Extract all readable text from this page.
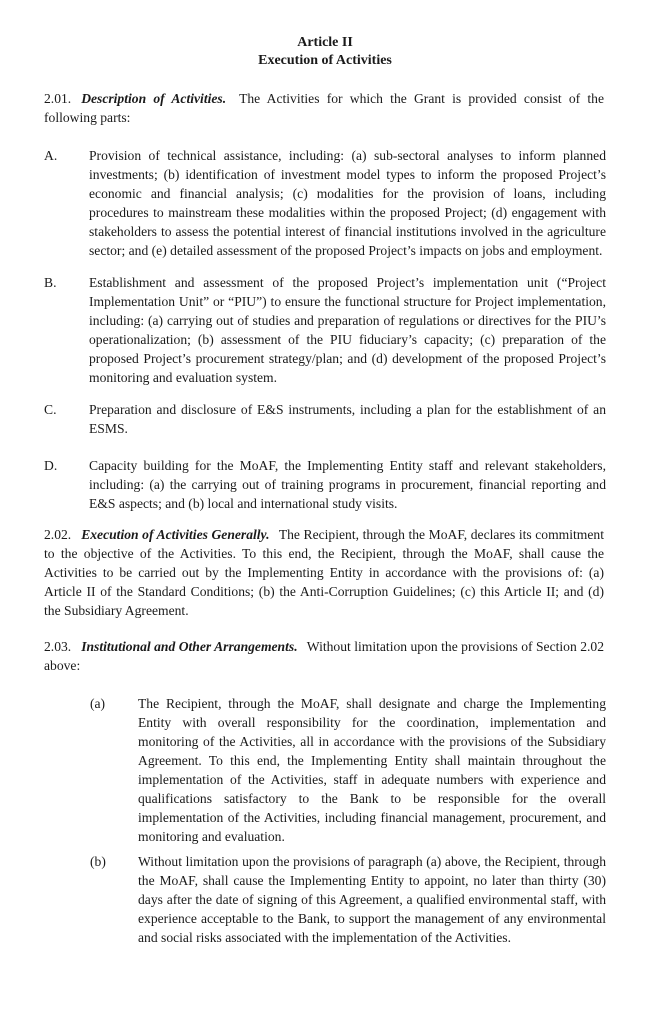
Article II
Execution of Activities
2.01. Description of Activities. The Activities for which the Grant is provided consist of the following parts:
A.	Provision of technical assistance, including: (a) sub-sectoral analyses to inform planned investments; (b) identification of investment model types to inform the proposed Project’s economic and financial analysis; (c) modalities for the provision of loans, including procedures to mainstream these modalities within the proposed Project; (d) engagement with stakeholders to assess the potential interest of financial institutions involved in the agriculture sector; and (e) detailed assessment of the proposed Project’s impacts on jobs and employment.
B.	Establishment and assessment of the proposed Project’s implementation unit (“Project Implementation Unit” or “PIU”) to ensure the functional structure for Project implementation, including: (a) carrying out of studies and preparation of regulations or directives for the PIU’s operationalization; (b) assessment of the PIU fiduciary’s capacity; (c) preparation of the proposed Project’s procurement strategy/plan; and (d) development of the proposed Project’s monitoring and evaluation system.
C.	Preparation and disclosure of E&S instruments, including a plan for the establishment of an ESMS.
D.	Capacity building for the MoAF, the Implementing Entity staff and relevant stakeholders, including: (a) the carrying out of training programs in procurement, financial reporting and E&S aspects; and (b) local and international study visits.
2.02. Execution of Activities Generally. The Recipient, through the MoAF, declares its commitment to the objective of the Activities. To this end, the Recipient, through the MoAF, shall cause the Activities to be carried out by the Implementing Entity in accordance with the provisions of: (a) Article II of the Standard Conditions; (b) the Anti-Corruption Guidelines; (c) this Article II; and (d) the Subsidiary Agreement.
2.03. Institutional and Other Arrangements. Without limitation upon the provisions of Section 2.02 above:
(a)	The Recipient, through the MoAF, shall designate and charge the Implementing Entity with overall responsibility for the coordination, implementation and monitoring of the Activities, all in accordance with the provisions of the Subsidiary Agreement. To this end, the Implementing Entity shall maintain throughout the implementation of the Activities, staff in adequate numbers with experience and qualifications satisfactory to the Bank to be responsible for the overall implementation of the Activities, including financial management, procurement, and monitoring and evaluation.
(b)	Without limitation upon the provisions of paragraph (a) above, the Recipient, through the MoAF, shall cause the Implementing Entity to appoint, no later than thirty (30) days after the date of signing of this Agreement, a qualified environmental staff, with experience acceptable to the Bank, to support the management of any environmental and social risks associated with the implementation of the Activities.
